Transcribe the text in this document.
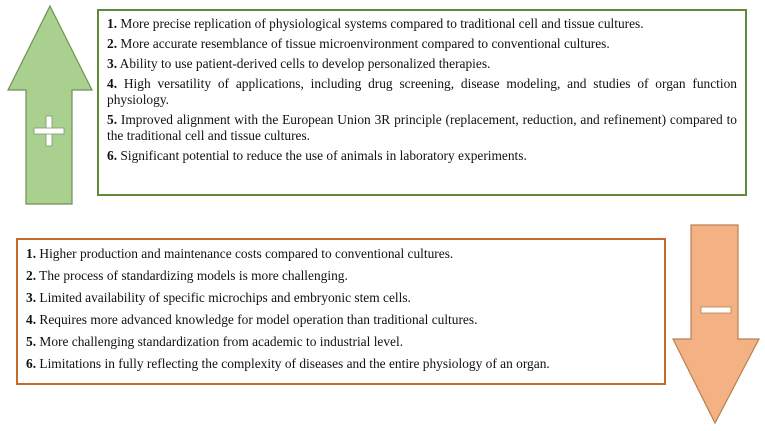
1. More precise replication of physiological systems compared to traditional cell and tissue cultures.

2. More accurate resemblance of tissue microenvironment compared to conventional cultures.

3. Ability to use patient-derived cells to develop personalized therapies.

4. High versatility of applications, including drug screening, disease modeling, and studies of organ function physiology.

5. Improved alignment with the European Union 3R principle (replacement, reduction, and refinement) compared to the traditional cell and tissue cultures.

6. Significant potential to reduce the use of animals in laboratory experiments.

1. Higher production and maintenance costs compared to conventional cultures.

2. The process of standardizing models is more challenging.

3. Limited availability of specific microchips and embryonic stem cells.

4. Requires more advanced knowledge for model operation than traditional cultures.

5. More challenging standardization from academic to industrial level.

6. Limitations in fully reflecting the complexity of diseases and the entire physiology of an organ.
